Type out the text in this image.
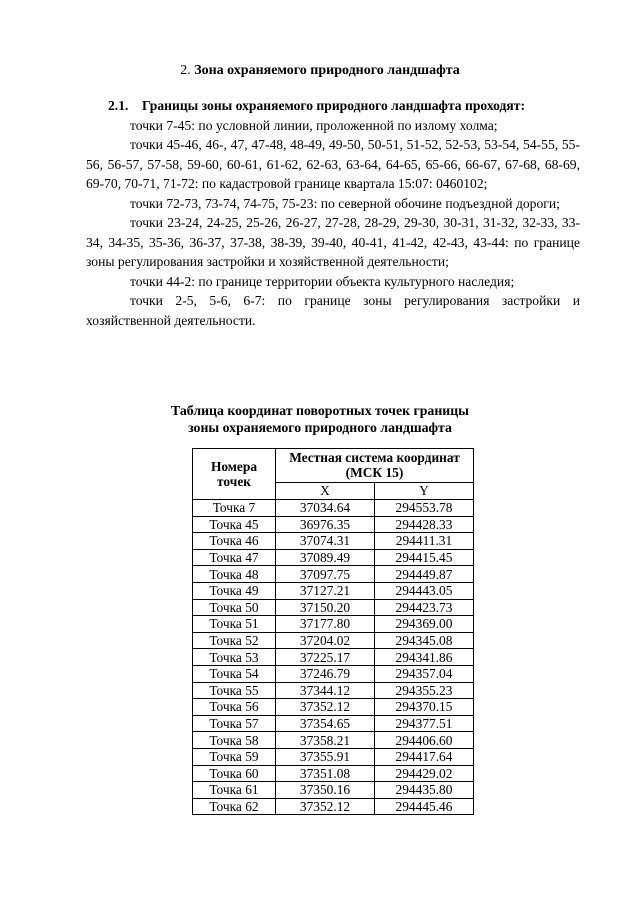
2. Зона охраняемого природного ландшафта
2.1. Границы зоны охраняемого природного ландшафта проходят:

точки 7-45: по условной линии, проложенной по излому холма;

точки 45-46, 46-, 47, 47-48, 48-49, 49-50, 50-51, 51-52, 52-53, 53-54, 54-55, 55-56, 56-57, 57-58, 59-60, 60-61, 61-62, 62-63, 63-64, 64-65, 65-66, 66-67, 67-68, 68-69, 69-70, 70-71, 71-72: по кадастровой границе квартала 15:07: 0460102;

точки 72-73, 73-74, 74-75, 75-23: по северной обочине подъездной дороги;

точки 23-24, 24-25, 25-26, 26-27, 27-28, 28-29, 29-30, 30-31, 31-32, 32-33, 33-34, 34-35, 35-36, 36-37, 37-38, 38-39, 39-40, 40-41, 41-42, 42-43, 43-44: по границе зоны регулирования застройки и хозяйственной деятельности;

точки 44-2: по границе территории объекта культурного наследия;

точки 2-5, 5-6, 6-7: по границе зоны регулирования застройки и хозяйственной деятельности.

Таблица координат поворотных точек границы
зоны охраняемого природного ландшафта
Номера точек	Местная система координат (МСК 15)	
	X	Y
Точка 7	37034.64	294553.78
Точка 45	36976.35	294428.33
Точка 46	37074.31	294411.31
Точка 47	37089.49	294415.45
Точка 48	37097.75	294449.87
Точка 49	37127.21	294443.05
Точка 50	37150.20	294423.73
Точка 51	37177.80	294369.00
Точка 52	37204.02	294345.08
Точка 53	37225.17	294341.86
Точка 54	37246.79	294357.04
Точка 55	37344.12	294355.23
Точка 56	37352.12	294370.15
Точка 57	37354.65	294377.51
Точка 58	37358.21	294406.60
Точка 59	37355.91	294417.64
Точка 60	37351.08	294429.02
Точка 61	37350.16	294435.80
Точка 62	37352.12	294445.46
